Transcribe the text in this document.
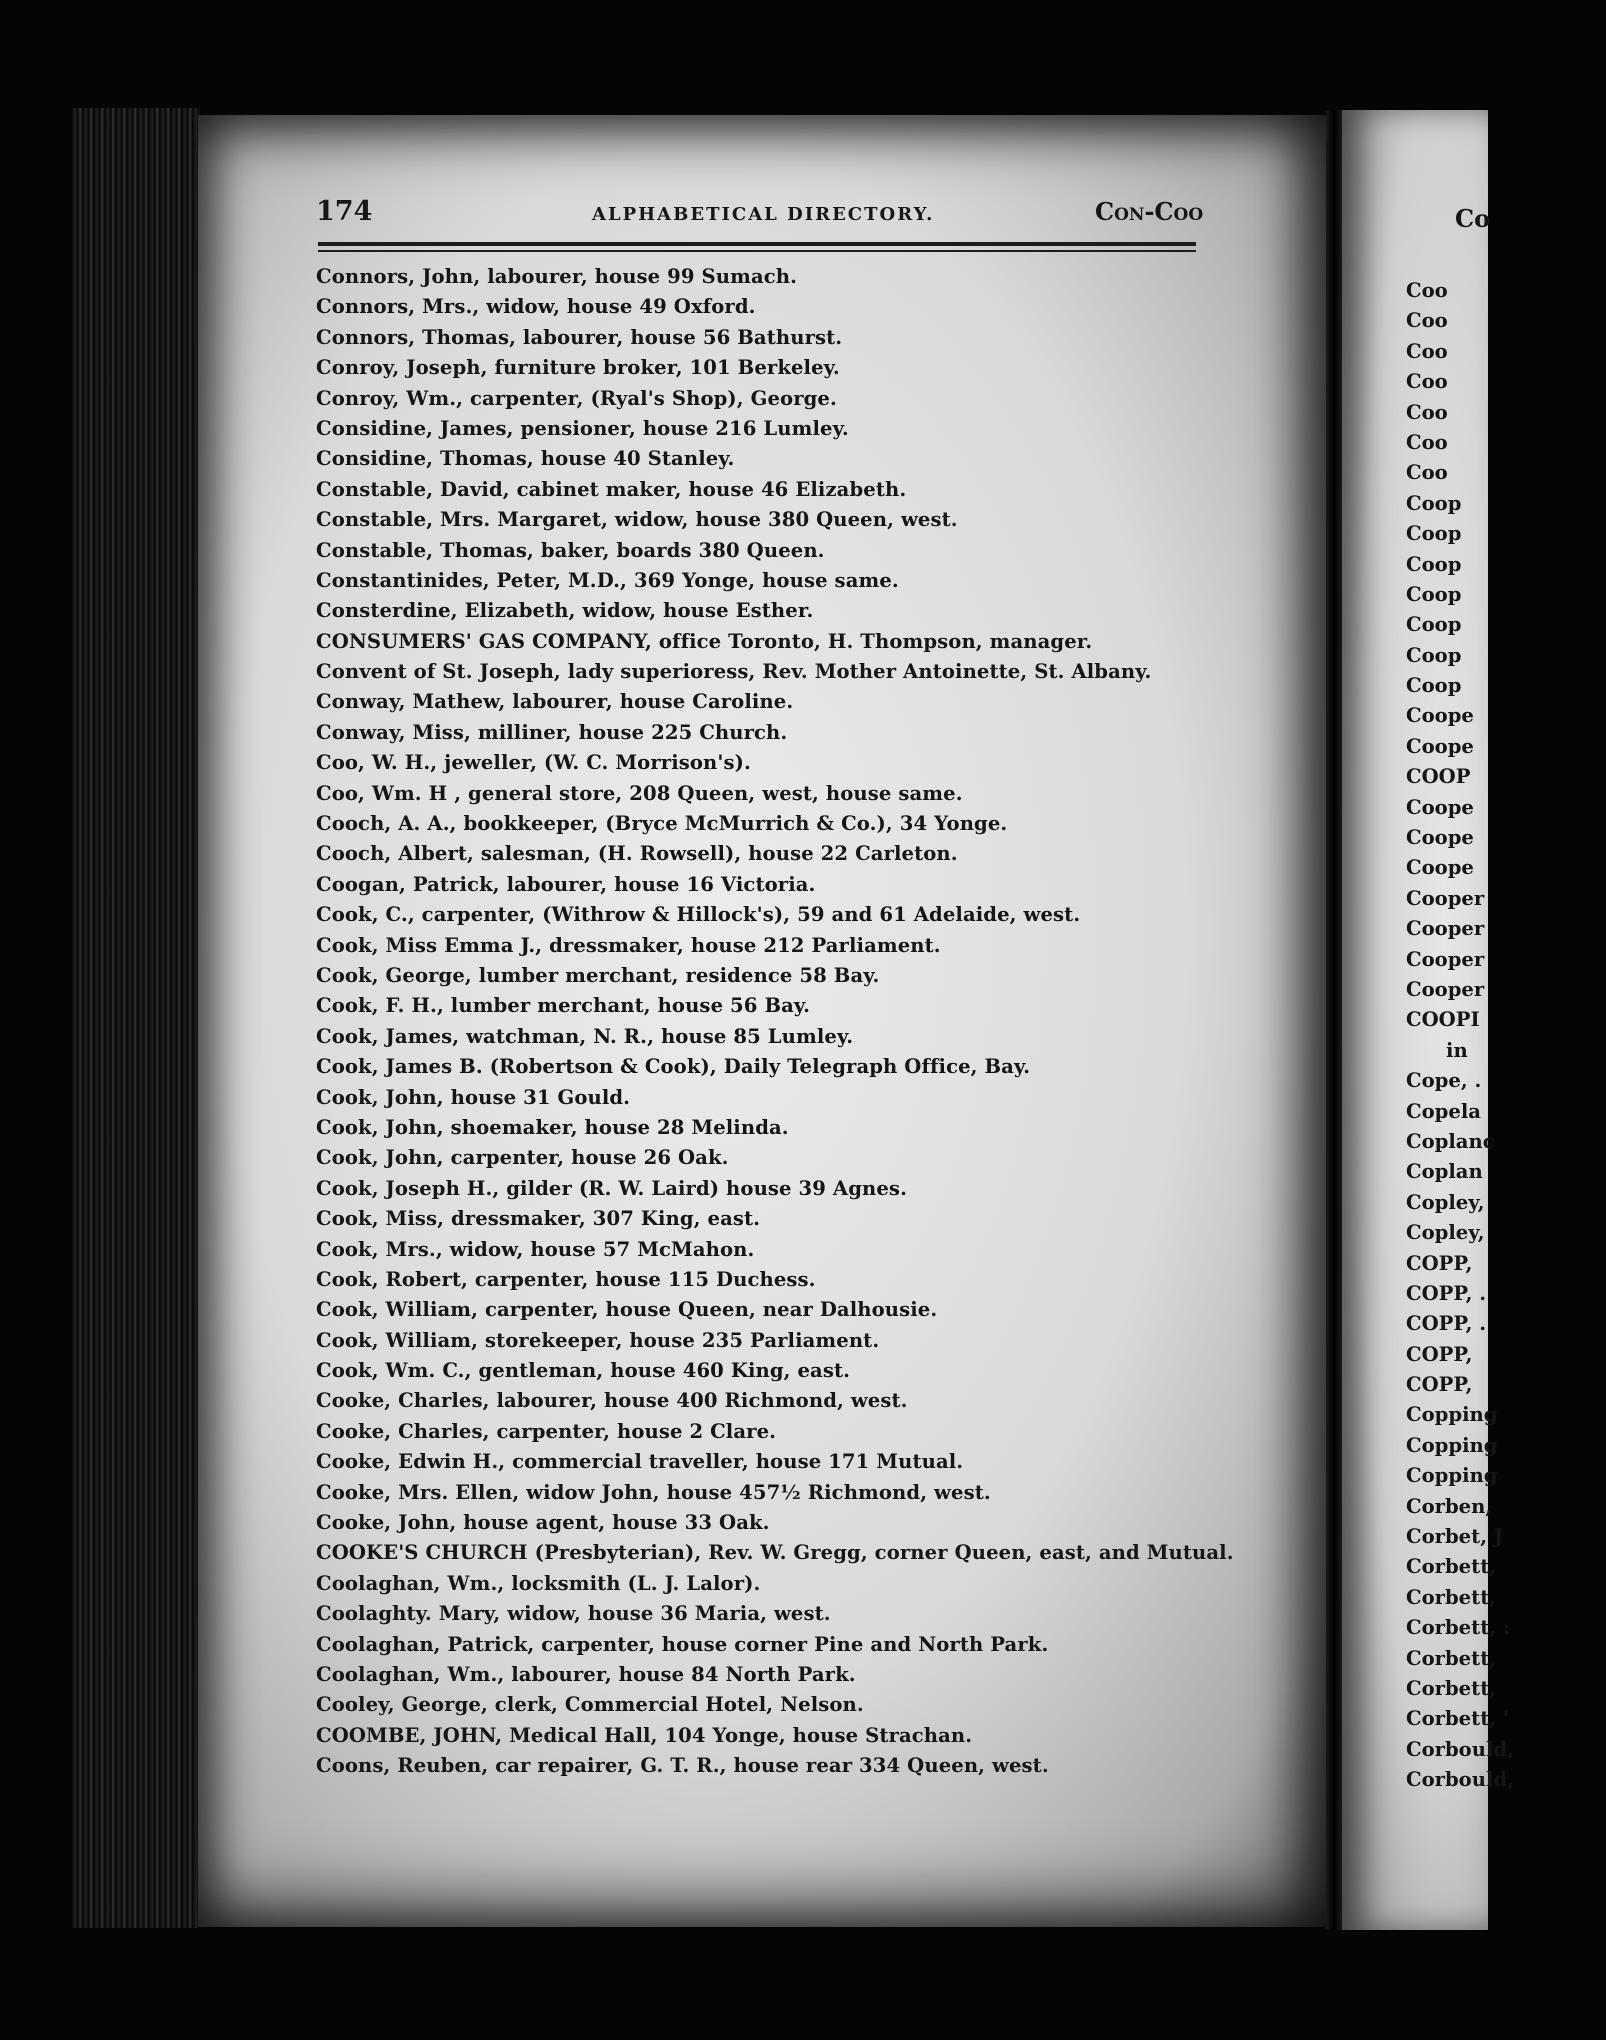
174	ALPHABETICAL DIRECTORY.	Con-Coo
Connors, John, labourer, house 99 Sumach.
Connors, Mrs., widow, house 49 Oxford.
Connors, Thomas, labourer, house 56 Bathurst.
Conroy, Joseph, furniture broker, 101 Berkeley.
Conroy, Wm., carpenter, (Ryal's Shop), George.
Considine, James, pensioner, house 216 Lumley.
Considine, Thomas, house 40 Stanley.
Constable, David, cabinet maker, house 46 Elizabeth.
Constable, Mrs. Margaret, widow, house 380 Queen, west.
Constable, Thomas, baker, boards 380 Queen.
Constantinides, Peter, M.D., 369 Yonge, house same.
Consterdine, Elizabeth, widow, house Esther.
CONSUMERS' GAS COMPANY, office Toronto, H. Thompson, manager.
Convent of St. Joseph, lady superioress, Rev. Mother Antoinette, St. Albany.
Conway, Mathew, labourer, house Caroline.
Conway, Miss, milliner, house 225 Church.
Coo, W. H., jeweller, (W. C. Morrison's).
Coo, Wm. H , general store, 208 Queen, west, house same.
Cooch, A. A., bookkeeper, (Bryce McMurrich & Co.), 34 Yonge.
Cooch, Albert, salesman, (H. Rowsell), house 22 Carleton.
Coogan, Patrick, labourer, house 16 Victoria.
Cook, C., carpenter, (Withrow & Hillock's), 59 and 61 Adelaide, west.
Cook, Miss Emma J., dressmaker, house 212 Parliament.
Cook, George, lumber merchant, residence 58 Bay.
Cook, F. H., lumber merchant, house 56 Bay.
Cook, James, watchman, N. R., house 85 Lumley.
Cook, James B. (Robertson & Cook), Daily Telegraph Office, Bay.
Cook, John, house 31 Gould.
Cook, John, shoemaker, house 28 Melinda.
Cook, John, carpenter, house 26 Oak.
Cook, Joseph H., gilder (R. W. Laird) house 39 Agnes.
Cook, Miss, dressmaker, 307 King, east.
Cook, Mrs., widow, house 57 McMahon.
Cook, Robert, carpenter, house 115 Duchess.
Cook, William, carpenter, house Queen, near Dalhousie.
Cook, William, storekeeper, house 235 Parliament.
Cook, Wm. C., gentleman, house 460 King, east.
Cooke, Charles, labourer, house 400 Richmond, west.
Cooke, Charles, carpenter, house 2 Clare.
Cooke, Edwin H., commercial traveller, house 171 Mutual.
Cooke, Mrs. Ellen, widow John, house 457½ Richmond, west.
Cooke, John, house agent, house 33 Oak.
COOKE'S CHURCH (Presbyterian), Rev. W. Gregg, corner Queen, east, and Mutual.
Coolaghan, Wm., locksmith (L. J. Lalor).
Coolaghty. Mary, widow, house 36 Maria, west.
Coolaghan, Patrick, carpenter, house corner Pine and North Park.
Coolaghan, Wm., labourer, house 84 North Park.
Cooley, George, clerk, Commercial Hotel, Nelson.
COOMBE, JOHN, Medical Hall, 104 Yonge, house Strachan.
Coons, Reuben, car repairer, G. T. R., house rear 334 Queen, west.
Co
Coo
Coo
Coo
Coo
Coo
Coo
Coo
Coop
Coop
Coop
Coop
Coop
Coop
Coop
Coope
Coope
COOP
Coope
Coope
Coope
Cooper
Cooper
Cooper
Cooper
COOPI
in
Cope, .
Copela
Coplanc
Coplan
Copley,
Copley,
COPP,
COPP, .
COPP, .
COPP,
COPP,
Copping
Copping
Copping
Corben,
Corbet, J
Corbett,
Corbett,
Corbett, :
Corbett,
Corbett,
Corbett, '
Corbould,
Corbould,
